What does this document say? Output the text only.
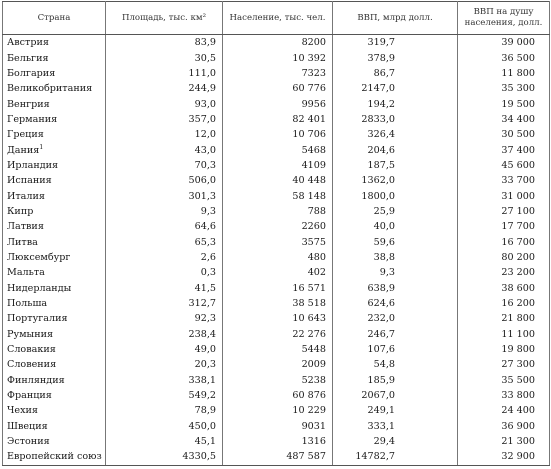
Страна	Площадь, тыс. км²	Население, тыс. чел.	ВВП, млрд долл.	ВВП на душу населения, долл.
Австрия	83,9	8200	319,7	39 000
Бельгия	30,5	10 392	378,9	36 500
Болгария	111,0	7323	86,7	11 800
Великобритания	244,9	60 776	2147,0	35 300
Венгрия	93,0	9956	194,2	19 500
Германия	357,0	82 401	2833,0	34 400
Греция	12,0	10 706	326,4	30 500
Дания$^1$	43,0	5468	204,6	37 400
Ирландия	70,3	4109	187,5	45 600
Испания	506,0	40 448	1362,0	33 700
Италия	301,3	58 148	1800,0	31 000
Кипр	9,3	788	25,9	27 100
Латвия	64,6	2260	40,0	17 700
Литва	65,3	3575	59,6	16 700
Люксембург	2,6	480	38,8	80 200
Мальта	0,3	402	9,3	23 200
Нидерланды	41,5	16 571	638,9	38 600
Польша	312,7	38 518	624,6	16 200
Португалия	92,3	10 643	232,0	21 800
Румыния	238,4	22 276	246,7	11 100
Словакия	49,0	5448	107,6	19 800
Словения	20,3	2009	54,8	27 300
Финляндия	338,1	5238	185,9	35 500
Франция	549,2	60 876	2067,0	33 800
Чехия	78,9	10 229	249,1	24 400
Швеция	450,0	9031	333,1	36 900
Эстония	45,1	1316	29,4	21 300
Европейский союз	4330,5	487 587	14782,7	32 900
